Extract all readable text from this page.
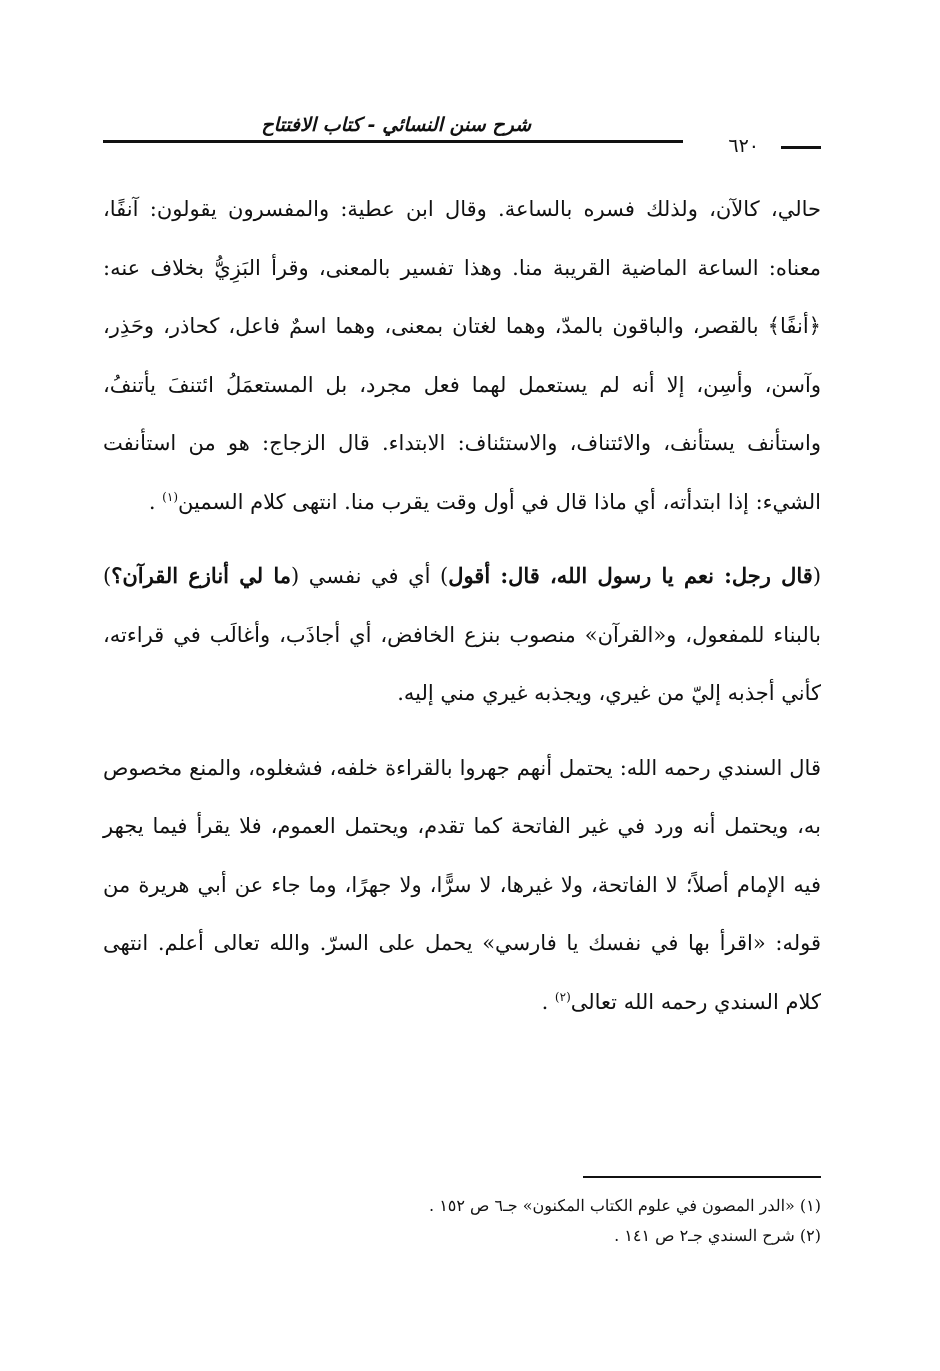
شرح سنن النسائي - كتاب الافتتاح
٦٢٠

حالي، كالآن، ولذلك فسره بالساعة. وقال ابن عطية: والمفسرون يقولون: آنفًا، معناه: الساعة الماضية القريبة منا. وهذا تفسير بالمعنى، وقرأ البَزِيُّ بخلاف عنه: ﴿أنفًا﴾ بالقصر، والباقون بالمدّ، وهما لغتان بمعنى، وهما اسمٌ فاعل، كحاذر، وحَذِر، وآسن، وأسِن، إلا أنه لم يستعمل لهما فعل مجرد، بل المستعمَلُ ائتنفَ يأتنفُ، واستأنف يستأنف، والائتناف، والاستئناف: الابتداء. قال الزجاج: هو من استأنفت الشيء: إذا ابتدأته، أي ماذا قال في أول وقت يقرب منا. انتهى كلام السمين$^{(١)}$ .

(قال رجل: نعم يا رسول الله، قال: أقول) أي في نفسي (ما لي أنازع القرآن؟) بالبناء للمفعول، و«القرآن» منصوب بنزع الخافض، أي أجاذَب، وأغالَب في قراءته، كأني أجذبه إليّ من غيري، ويجذبه غيري مني إليه.

قال السندي رحمه الله: يحتمل أنهم جهروا بالقراءة خلفه، فشغلوه، والمنع مخصوص به، ويحتمل أنه ورد في غير الفاتحة كما تقدم، ويحتمل العموم، فلا يقرأ فيما يجهر فيه الإمام أصلاً؛ لا الفاتحة، ولا غيرها، لا سرًّا، ولا جهرًا، وما جاء عن أبي هريرة من قوله: «اقرأ بها في نفسك يا فارسي» يحمل على السرّ. والله تعالى أعلم. انتهى كلام السندي رحمه الله تعالى$^{(٢)}$ .

(١) «الدر المصون في علوم الكتاب المكنون» جـ٦ ص ١٥٢ .
(٢) شرح السندي جـ٢ ص ١٤١ .
